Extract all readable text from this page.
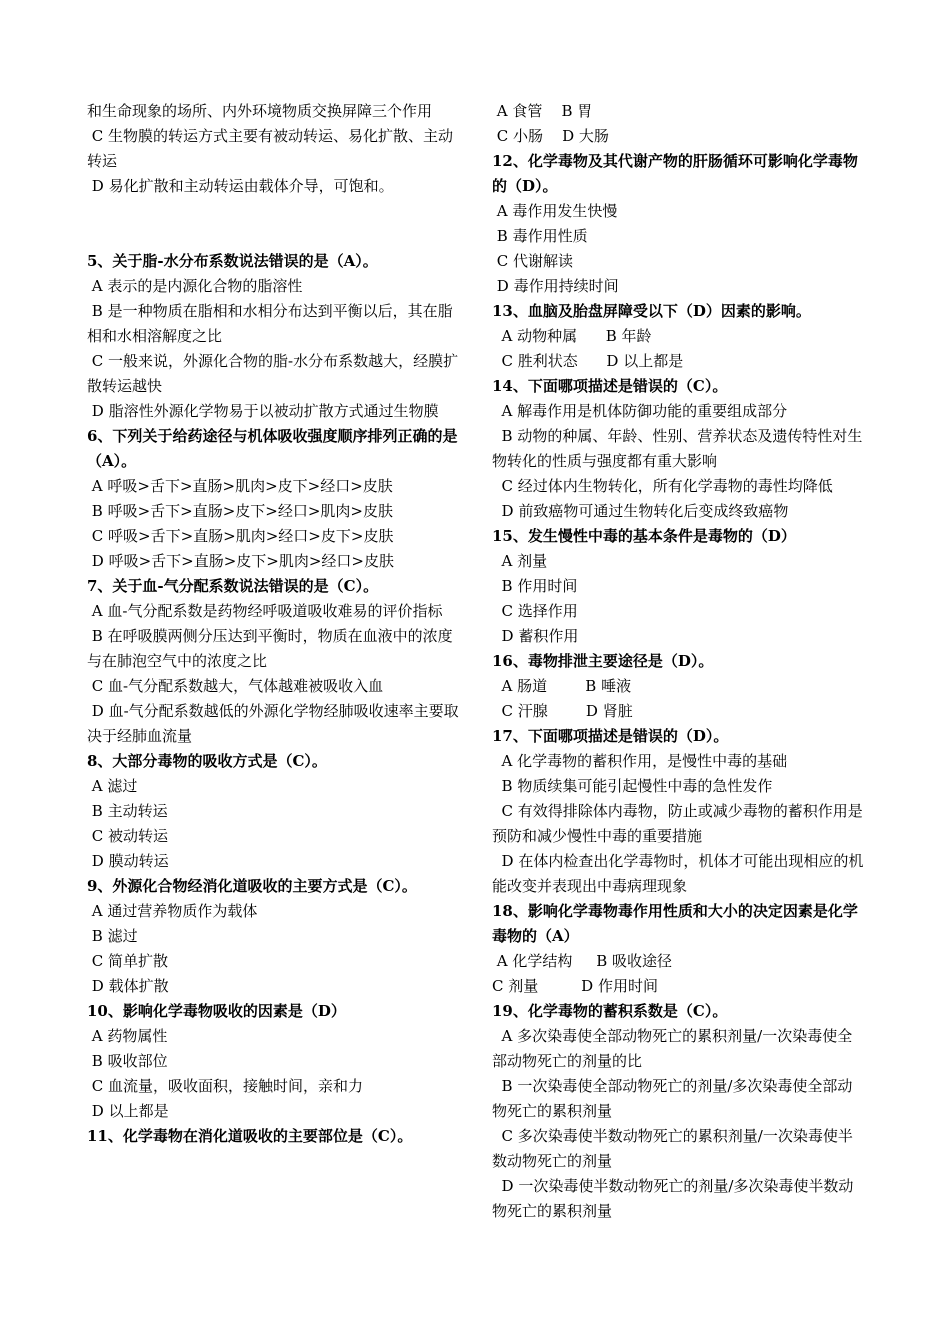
和生命现象的场所、内外环境物质交换屏障三个作用

C 生物膜的转运方式主要有被动转运、易化扩散、主动转运

D 易化扩散和主动转运由载体介导，可饱和。

5、关于脂-水分布系数说法错误的是（A）。

A 表示的是内源化合物的脂溶性

B 是一种物质在脂相和水相分布达到平衡以后，其在脂相和水相溶解度之比

C 一般来说，外源化合物的脂-水分布系数越大，经膜扩散转运越快

D 脂溶性外源化学物易于以被动扩散方式通过生物膜

6、下列关于给药途径与机体吸收强度顺序排列正确的是（A）。

A 呼吸>舌下>直肠>肌肉>皮下>经口>皮肤

B 呼吸>舌下>直肠>皮下>经口>肌肉>皮肤

C 呼吸>舌下>直肠>肌肉>经口>皮下>皮肤

D 呼吸>舌下>直肠>皮下>肌肉>经口>皮肤

7、关于血-气分配系数说法错误的是（C）。

A 血-气分配系数是药物经呼吸道吸收难易的评价指标

B 在呼吸膜两侧分压达到平衡时，物质在血液中的浓度与在肺泡空气中的浓度之比

C 血-气分配系数越大，气体越难被吸收入血

D 血-气分配系数越低的外源化学物经肺吸收速率主要取决于经肺血流量

8、大部分毒物的吸收方式是（C）。

A 滤过

B 主动转运

C 被动转运

D 膜动转运

9、外源化合物经消化道吸收的主要方式是（C）。

A 通过营养物质作为载体

B 滤过

C 简单扩散

D 载体扩散

10、影响化学毒物吸收的因素是（D）

A 药物属性

B 吸收部位

C 血流量，吸收面积，接触时间，亲和力

D 以上都是

11、化学毒物在消化道吸收的主要部位是（C）。

A 食管    B 胃

C 小肠    D 大肠

12、化学毒物及其代谢产物的肝肠循环可影响化学毒物的（D）。

A 毒作用发生快慢

B 毒作用性质

C 代谢解读

D 毒作用持续时间

13、血脑及胎盘屏障受以下（D）因素的影响。

A 动物种属      B 年龄

C 胜利状态      D 以上都是

14、下面哪项描述是错误的（C）。

A 解毒作用是机体防御功能的重要组成部分

B 动物的种属、年龄、性别、营养状态及遗传特性对生物转化的性质与强度都有重大影响

C 经过体内生物转化，所有化学毒物的毒性均降低

D 前致癌物可通过生物转化后变成终致癌物

15、发生慢性中毒的基本条件是毒物的（D）

A 剂量

B 作用时间

C 选择作用

D 蓄积作用

16、毒物排泄主要途径是（D）。

A 肠道        B 唾液

C 汗腺        D 肾脏

17、下面哪项描述是错误的（D）。

A 化学毒物的蓄积作用，是慢性中毒的基础

B 物质续集可能引起慢性中毒的急性发作

C 有效得排除体内毒物，防止或减少毒物的蓄积作用是预防和减少慢性中毒的重要措施

D 在体内检查出化学毒物时，机体才可能出现相应的机能改变并表现出中毒病理现象

18、影响化学毒物毒作用性质和大小的决定因素是化学毒物的（A）

A 化学结构     B 吸收途径

C 剂量         D 作用时间

19、化学毒物的蓄积系数是（C）。

A 多次染毒使全部动物死亡的累积剂量/一次染毒使全部动物死亡的剂量的比

B 一次染毒使全部动物死亡的剂量/多次染毒使全部动物死亡的累积剂量

C 多次染毒使半数动物死亡的累积剂量/一次染毒使半数动物死亡的剂量

D 一次染毒使半数动物死亡的剂量/多次染毒使半数动物死亡的累积剂量
